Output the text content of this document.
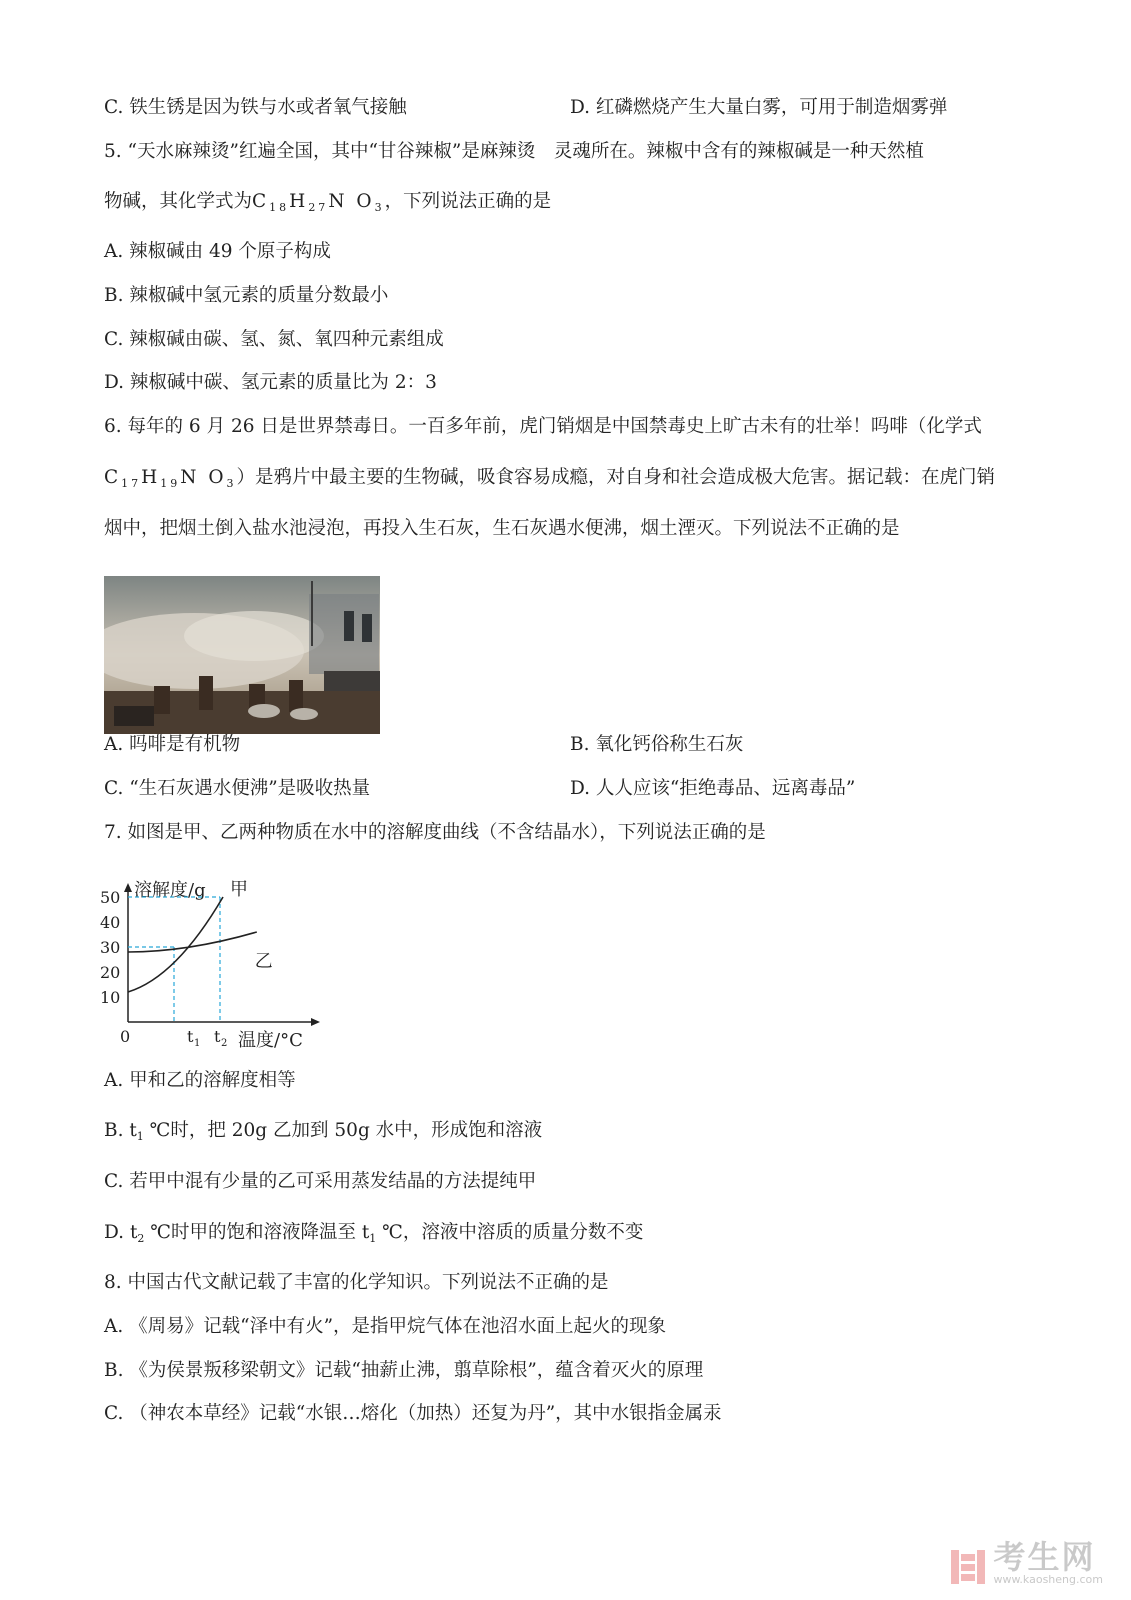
C. 铁生锈是因为铁与水或者氧气接触	D. 红磷燃烧产生大量白雾，可用于制造烟雾弹
5. “天水麻辣烫”红遍全国，其中“甘谷辣椒”是麻辣烫　灵魂所在。辣椒中含有的辣椒碱是一种天然植
物碱，其化学式为$C_{18}H_{27}N$ $O_3$，下列说法正确的是
A. 辣椒碱由 49 个原子构成
B. 辣椒碱中氢元素的质量分数最小
C. 辣椒碱由碳、氢、氮、氧四种元素组成
D. 辣椒碱中碳、氢元素的质量比为 2：3
6. 每年的 6 月 26 日是世界禁毒日。一百多年前，虎门销烟是中国禁毒史上旷古未有的壮举！吗啡（化学式
$C_{17}H_{19}N$ $O_3$）是鸦片中最主要的生物碱，吸食容易成瘾，对自身和社会造成极大危害。据记载：在虎门销
烟中，把烟土倒入盐水池浸泡，再投入生石灰，生石灰遇水便沸，烟土湮灭。下列说法不正确的是
A. 吗啡是有机物	B. 氧化钙俗称生石灰
C. “生石灰遇水便沸”是吸收热量	D. 人人应该“拒绝毒品、远离毒品”
7. 如图是甲、乙两种物质在水中的溶解度曲线（不含结晶水），下列说法正确的是
溶解度/g
温度/°C
0
10
20
30
40
50
t 1 t 2
甲
乙
A. 甲和乙的溶解度相等
B. $t_1$ ℃时，把 20g 乙加到 50g 水中，形成饱和溶液
C. 若甲中混有少量的乙可采用蒸发结晶的方法提纯甲
D. $t_2$ ℃时甲的饱和溶液降温至 $t_1$ ℃，溶液中溶质的质量分数不变
8. 中国古代文献记载了丰富的化学知识。下列说法不正确的是
A. 《周易》记载“泽中有火”，是指甲烷气体在池沼水面上起火的现象
B. 《为侯景叛移梁朝文》记载“抽薪止沸，翦草除根”，蕴含着灭火的原理
C. （神农本草经》记载“水银…熔化（加热）还复为丹”，其中水银指金属汞
考生网
www.kaosheng.com
